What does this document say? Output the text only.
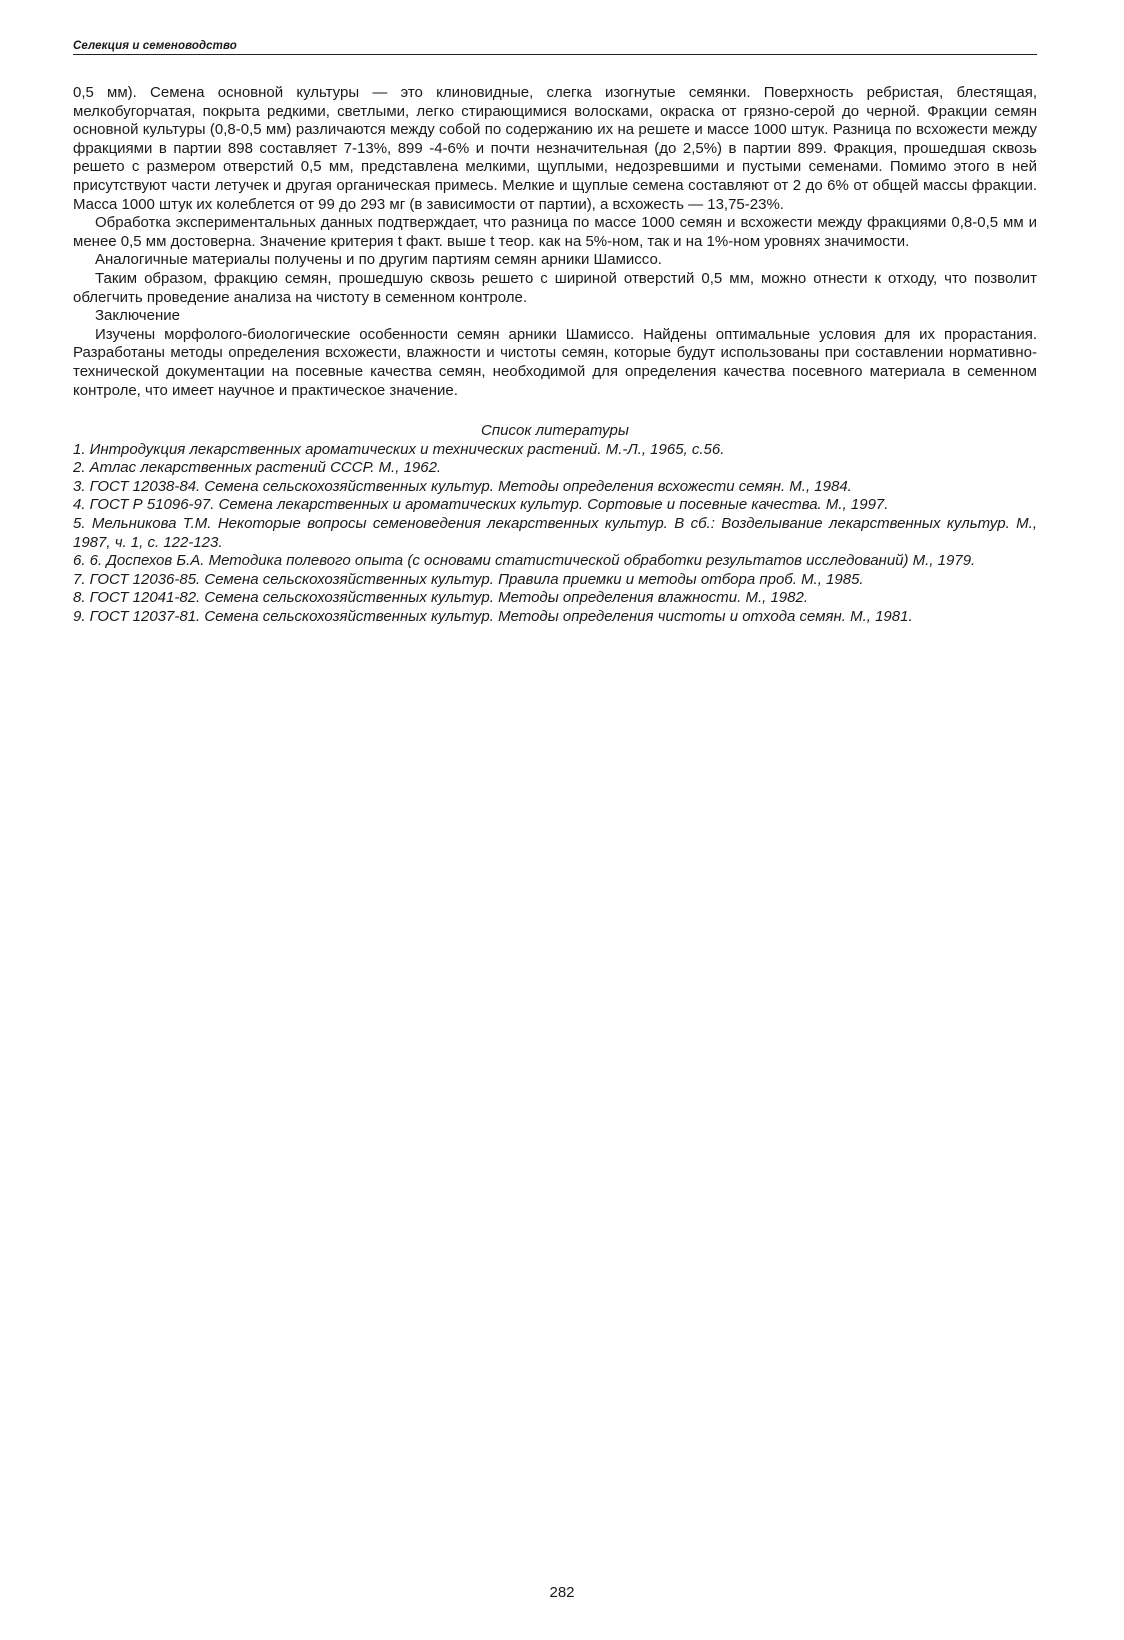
Селекция и семеноводство

0,5 мм). Семена основной культуры — это клиновидные, слегка изогнутые семянки. Поверхность ребристая, блестящая, мелкобугорчатая, покрыта редкими, светлыми, легко стирающимися волосками, окраска от грязно-серой до черной. Фракции семян основной культуры (0,8-0,5 мм) различаются между собой по содержанию их на решете и массе 1000 штук. Разница по всхожести между фракциями в партии 898 составляет 7-13%, 899 -4-6% и почти незначительная (до 2,5%) в партии 899. Фракция, прошедшая сквозь решето с размером отверстий 0,5 мм, представлена мелкими, щуплыми, недозревшими и пустыми семенами. Помимо этого в ней присутствуют части летучек и другая органическая примесь. Мелкие и щуплые семена составляют от 2 до 6% от общей массы фракции. Масса 1000 штук их колеблется от 99 до 293 мг (в зависимости от партии), а всхожесть — 13,75-23%.

Обработка экспериментальных данных подтверждает, что разница по массе 1000 семян и всхожести между фракциями 0,8-0,5 мм и менее 0,5 мм достоверна. Значение критерия t факт. выше t теор. как на 5%-ном, так и на 1%-ном уровнях значимости.

Аналогичные материалы получены и по другим партиям семян арники Шамиссо.

Таким образом, фракцию семян, прошедшую сквозь решето с шириной отверстий 0,5 мм, можно отнести к отходу, что позволит облегчить проведение анализа на чистоту в семенном контроле.

Заключение

Изучены морфолого-биологические особенности семян арники Шамиссо. Найдены оптимальные условия для их прорастания. Разработаны методы определения всхожести, влажности и чистоты семян, которые будут использованы при составлении нормативно-технической документации на посевные качества семян, необходимой для определения качества посевного материала в семенном контроле, что имеет научное и практическое значение.

Список литературы
1. Интродукция лекарственных ароматических и технических растений. М.-Л., 1965, с.56.
2. Атлас лекарственных растений СССР. М., 1962.
3. ГОСТ 12038-84. Семена сельскохозяйственных культур. Методы определения всхожести семян. М., 1984.
4. ГОСТ Р 51096-97. Семена лекарственных и ароматических культур. Сортовые и посевные качества. М., 1997.
5. Мельникова Т.М. Некоторые вопросы семеноведения лекарственных культур. В сб.: Возделывание лекарственных культур. М., 1987, ч. 1, с. 122-123.
6. 6. Доспехов Б.А. Методика полевого опыта (с основами статистической обработки результатов исследований) М., 1979.
7. ГОСТ 12036-85. Семена сельскохозяйственных культур. Правила приемки и методы отбора проб. М., 1985.
8. ГОСТ 12041-82. Семена сельскохозяйственных культур. Методы определения влажности. М., 1982.
9. ГОСТ 12037-81. Семена сельскохозяйственных культур. Методы определения чистоты и отхода семян. М., 1981.
282
